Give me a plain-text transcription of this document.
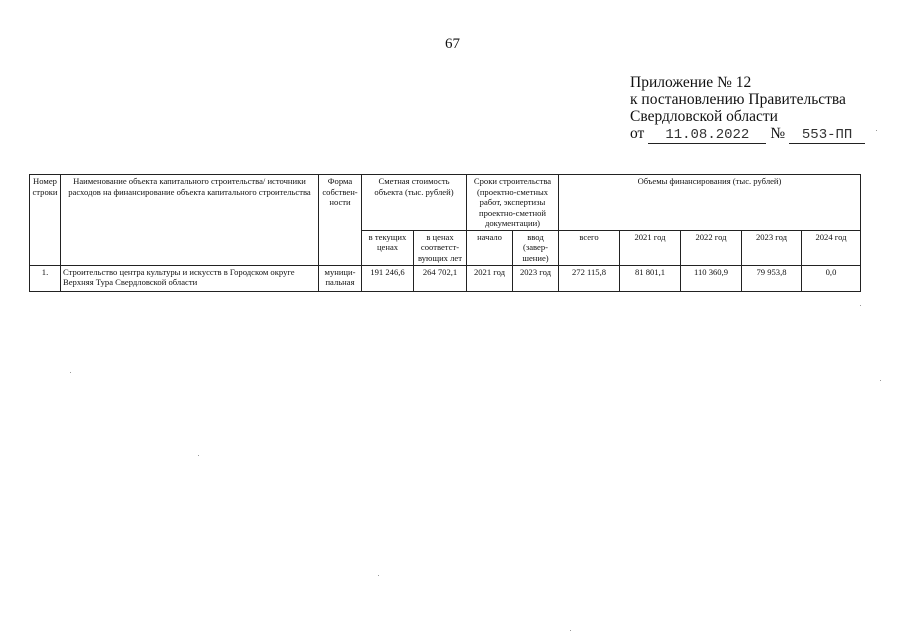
67
Приложение № 12
к постановлению Правительства
Свердловской области
от	11.08.2022	№	553-ПП
Номер строки	Наименование объекта капитального строительства/ источники расходов на финансирование объекта капитального строительства	Форма собствен-ности	Сметная стоимость объекта (тыс. рублей)		Сроки строительства (проектно-сметных работ, экспертизы проектно-сметной документации)		Объемы финансирования (тыс. рублей)				
			в текущих ценах	в ценах соответст-вующих лет	начало	ввод (завер-шение)	всего	2021 год	2022 год	2023 год	2024 год
1.	Строительство центра культуры и искусств в Городском округе Верхняя Тура Свердловской области	муници-пальная	191 246,6	264 702,1	2021 год	2023 год	272 115,8	81 801,1	110 360,9	79 953,8	0,0
